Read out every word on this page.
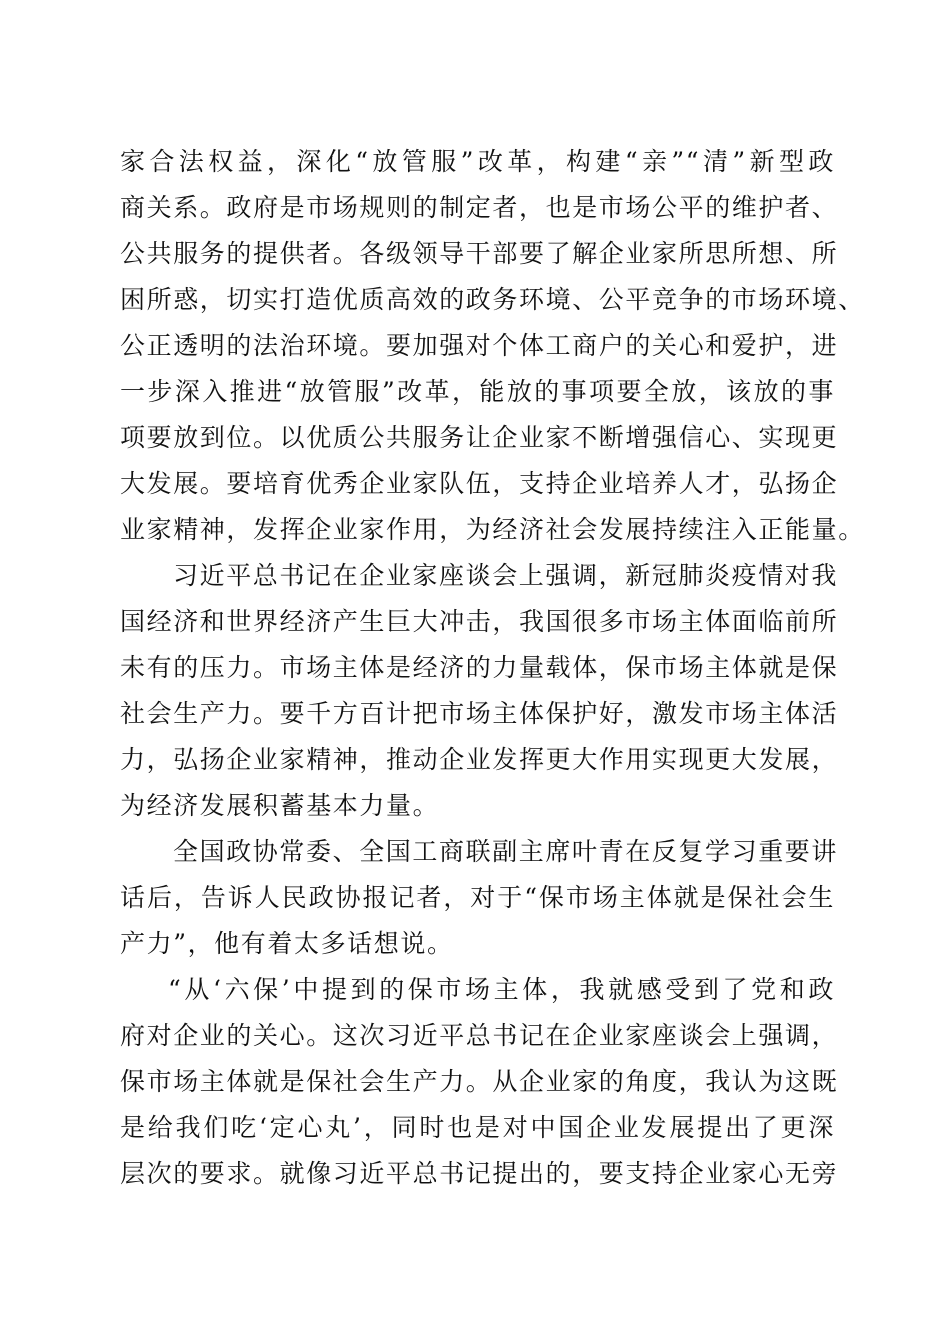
家合法权益，深化“放管服”改革，构建“亲”“清”新型政
商关系。政府是市场规则的制定者，也是市场公平的维护者、
公共服务的提供者。各级领导干部要了解企业家所思所想、所
困所惑，切实打造优质高效的政务环境、公平竞争的市场环境、
公正透明的法治环境。要加强对个体工商户的关心和爱护，进
一步深入推进“放管服”改革，能放的事项要全放，该放的事
项要放到位。以优质公共服务让企业家不断增强信心、实现更
大发展。要培育优秀企业家队伍，支持企业培养人才，弘扬企
业家精神，发挥企业家作用，为经济社会发展持续注入正能量。
习近平总书记在企业家座谈会上强调，新冠肺炎疫情对我
国经济和世界经济产生巨大冲击，我国很多市场主体面临前所
未有的压力。市场主体是经济的力量载体，保市场主体就是保
社会生产力。要千方百计把市场主体保护好，激发市场主体活
力，弘扬企业家精神，推动企业发挥更大作用实现更大发展，
为经济发展积蓄基本力量。
全国政协常委、全国工商联副主席叶青在反复学习重要讲
话后，告诉人民政协报记者，对于“保市场主体就是保社会生
产力”，他有着太多话想说。
“从‘六保’中提到的保市场主体，我就感受到了党和政
府对企业的关心。这次习近平总书记在企业家座谈会上强调，
保市场主体就是保社会生产力。从企业家的角度，我认为这既
是给我们吃‘定心丸’，同时也是对中国企业发展提出了更深
层次的要求。就像习近平总书记提出的，要支持企业家心无旁
